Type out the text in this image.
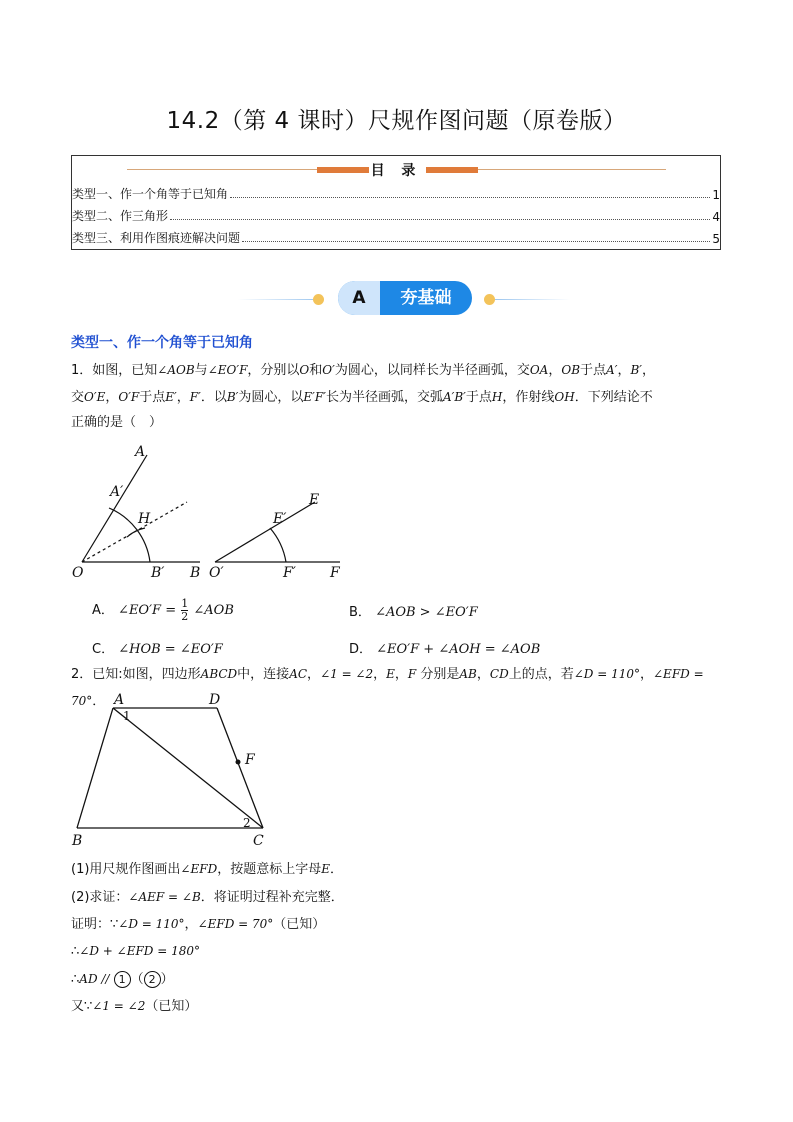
14.2（第 4 课时）尺规作图问题（原卷版）
目 录
类型一、作一个角等于已知角	1
类型二、作三角形	4
类型三、利用作图痕迹解决问题	5
A	夯基础
类型一、作一个角等于已知角
1．如图，已知∠AOB与∠EO′F，分别以O和O′为圆心，以同样长为半径画弧，交OA，OB于点A′，B′，
交O′E，O′F于点E′，F′．以B′为圆心，以E′F′长为半径画弧，交弧A′B′于点H，作射线OH．下列结论不
正确的是（　）
A
A′
H
O	B′ B
E
E′
O′	F′ F
A． ∠EO′F = $\frac{1}{2}$ ∠AOB	B． ∠AOB > ∠EO′F
C． ∠HOB = ∠EO′F	D． ∠EO′F + ∠AOH = ∠AOB
2．已知:如图，四边形ABCD中，连接AC，∠1 = ∠2，E，F 分别是AB，CD上的点，若∠D = 110°，∠EFD = 70°． A	D
1
F
B
2
C
(1)用尺规作图画出∠EFD，按题意标上字母E．
(2)求证：∠AEF = ∠B．将证明过程补充完整．
证明：∵∠D = 110°，∠EFD = 70°（已知）
∴∠D + ∠EFD = 180°
∴AD // 1 （ 2 ）
又∵∠1 = ∠2（已知）
